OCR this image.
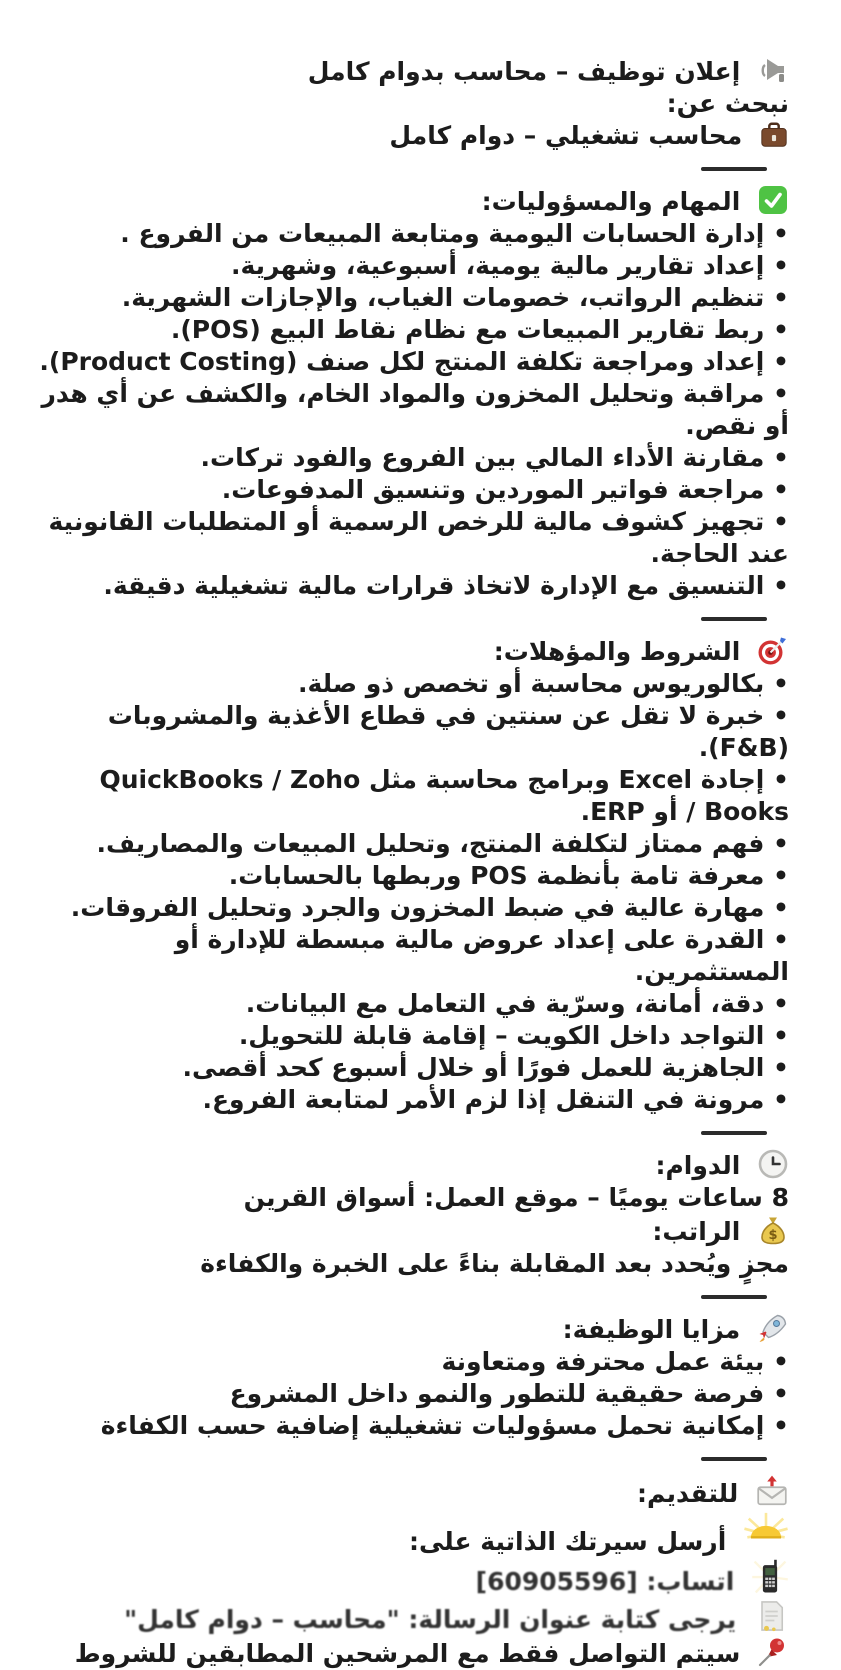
إعلان توظيف – محاسب بدوام كامل
نبحث عن:
محاسب تشغيلي – دوام كامل
المهام والمسؤوليات:
• إدارة الحسابات اليومية ومتابعة المبيعات من الفروع .
• إعداد تقارير مالية يومية، أسبوعية، وشهرية.
• تنظيم الرواتب، خصومات الغياب، والإجازات الشهرية.
• ربط تقارير المبيعات مع نظام نقاط البيع (POS).
• إعداد ومراجعة تكلفة المنتج لكل صنف (Product Costing).
• مراقبة وتحليل المخزون والمواد الخام، والكشف عن أي هدر أو نقص.
• مقارنة الأداء المالي بين الفروع والفود تركات.
• مراجعة فواتير الموردين وتنسيق المدفوعات.
• تجهيز كشوف مالية للرخص الرسمية أو المتطلبات القانونية عند الحاجة.
• التنسيق مع الإدارة لاتخاذ قرارات مالية تشغيلية دقيقة.
الشروط والمؤهلات:
• بكالوريوس محاسبة أو تخصص ذو صلة.
• خبرة لا تقل عن سنتين في قطاع الأغذية والمشروبات (F&B).
• إجادة Excel وبرامج محاسبة مثل QuickBooks / Zoho Books / أو ERP.
• فهم ممتاز لتكلفة المنتج، وتحليل المبيعات والمصاريف.
• معرفة تامة بأنظمة POS وربطها بالحسابات.
• مهارة عالية في ضبط المخزون والجرد وتحليل الفروقات.
• القدرة على إعداد عروض مالية مبسطة للإدارة أو المستثمرين.
• دقة، أمانة، وسرّية في التعامل مع البيانات.
• التواجد داخل الكويت – إقامة قابلة للتحويل.
• الجاهزية للعمل فورًا أو خلال أسبوع كحد أقصى.
• مرونة في التنقل إذا لزم الأمر لمتابعة الفروع.
الدوام:
8 ساعات يوميًا – موقع العمل: أسواق القرين
$
الراتب:
مجزٍ ويُحدد بعد المقابلة بناءً على الخبرة والكفاءة
مزايا الوظيفة:
• بيئة عمل محترفة ومتعاونة
• فرصة حقيقية للتطور والنمو داخل المشروع
• إمكانية تحمل مسؤوليات تشغيلية إضافية حسب الكفاءة
للتقديم:
أرسل سيرتك الذاتية على:
اتساب: [60905596]
يرجى كتابة عنوان الرسالة: "محاسب – دوام كامل"
سيتم التواصل فقط مع المرشحين المطابقين للشروط
